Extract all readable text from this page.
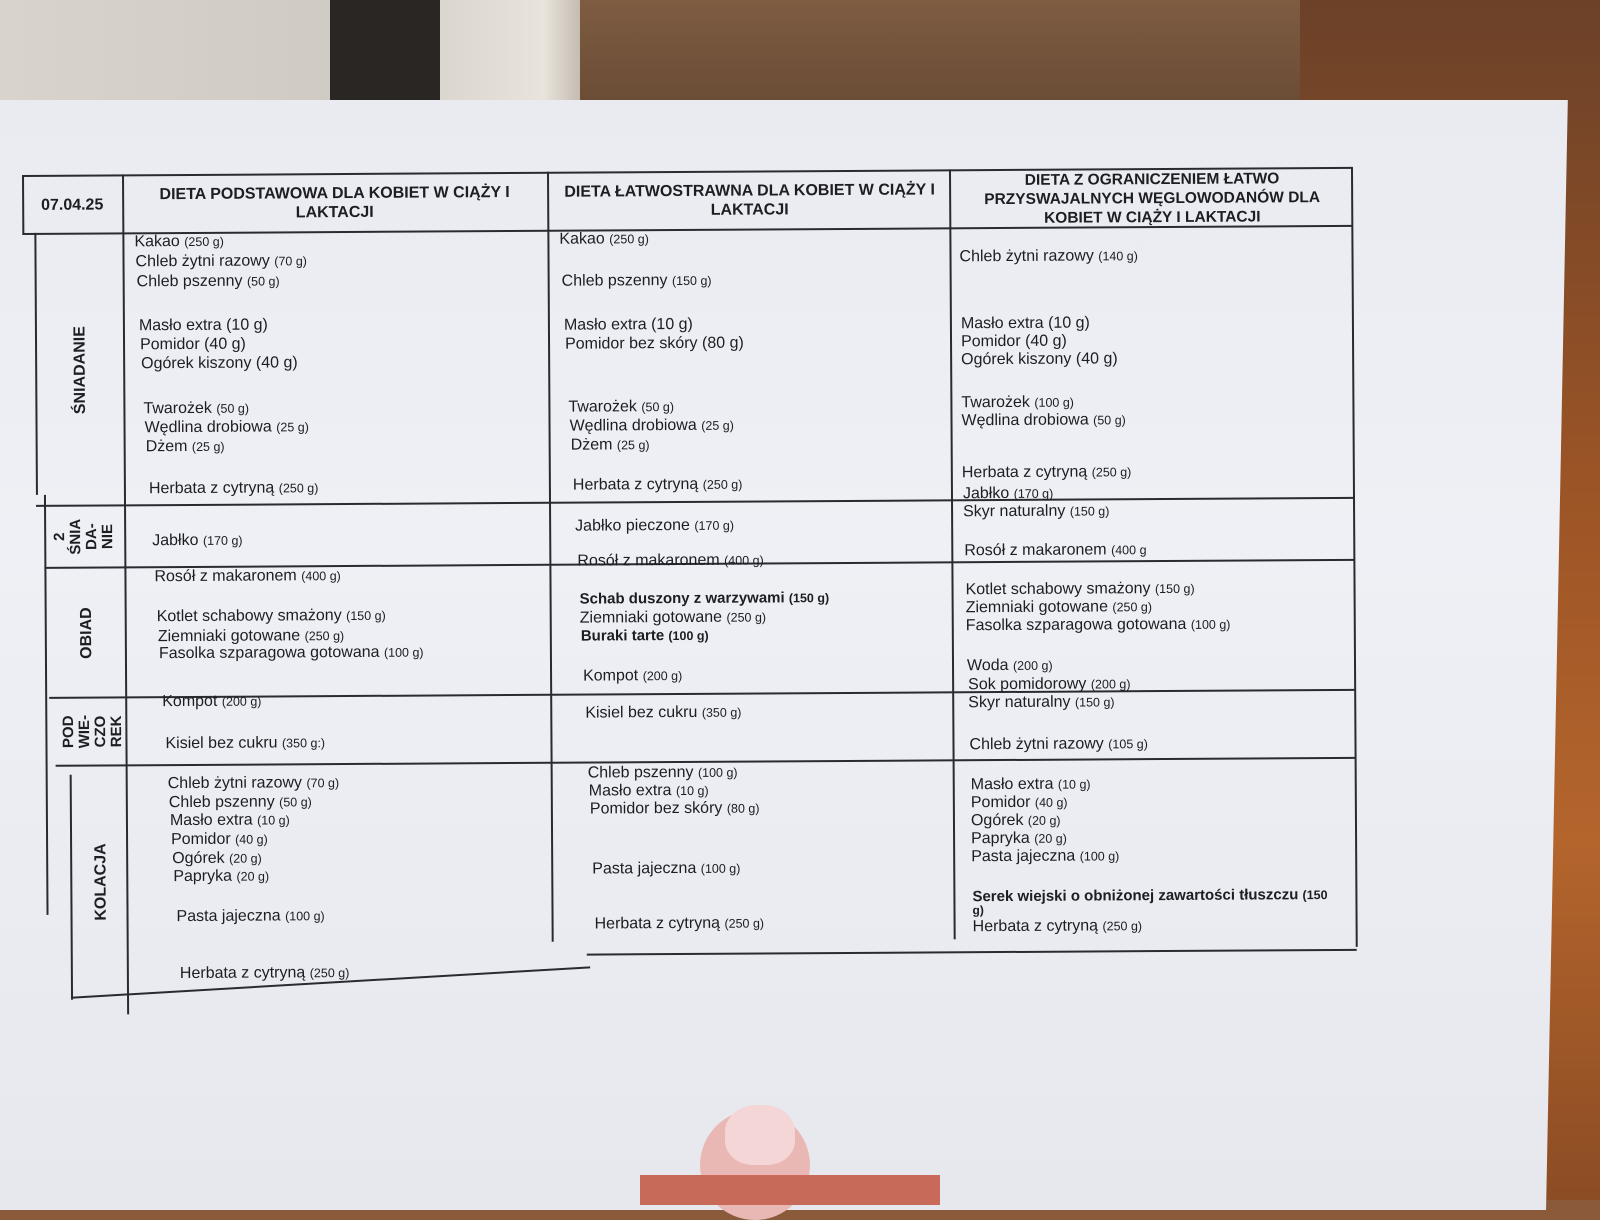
07.04.25
DIETA PODSTAWOWA DLA KOBIET W CIĄŻY I LAKTACJI
DIETA ŁATWOSTRAWNA DLA KOBIET W CIĄŻY I LAKTACJI
DIETA Z OGRANICZENIEM ŁATWO PRZYSWAJALNYCH WĘGLOWODANÓW DLA KOBIET W CIĄŻY I LAKTACJI
ŚNIADANIE
2
ŚNIA
DA-
NIE
OBIAD
POD
WIE-
CZO
REK
KOLACJA
Kakao (250 g)
Chleb żytni razowy (70 g)
Chleb pszenny (50 g)
Masło extra (10 g)
Pomidor (40 g)
Ogórek kiszony (40 g)
Twarożek (50 g)
Wędlina drobiowa (25 g)
Dżem (25 g)
Herbata z cytryną (250 g)
Jabłko (170 g)
Rosół z makaronem (400 g)
Kotlet schabowy smażony (150 g)
Ziemniaki gotowane (250 g)
Fasolka szparagowa gotowana (100 g)
Kompot (200 g)
Kisiel bez cukru (350 g:)
Chleb żytni razowy (70 g)
Chleb pszenny (50 g)
Masło extra (10 g)
Pomidor (40 g)
Ogórek (20 g)
Papryka (20 g)
Pasta jajeczna (100 g)
Herbata z cytryną (250 g)
Kakao (250 g)
Chleb pszenny (150 g)
Masło extra (10 g)
Pomidor bez skóry (80 g)
Twarożek (50 g)
Wędlina drobiowa (25 g)
Dżem (25 g)
Herbata z cytryną (250 g)
Jabłko pieczone (170 g)
Rosół z makaronem (400 g)
Schab duszony z warzywami (150 g)
Ziemniaki gotowane (250 g)
Buraki tarte (100 g)
Kompot (200 g)
Kisiel bez cukru (350 g)
Chleb pszenny (100 g)
Masło extra (10 g)
Pomidor bez skóry (80 g)
Pasta jajeczna (100 g)
Herbata z cytryną (250 g)
Chleb żytni razowy (140 g)
Masło extra (10 g)
Pomidor (40 g)
Ogórek kiszony (40 g)
Twarożek (100 g)
Wędlina drobiowa (50 g)
Herbata z cytryną (250 g)
Jabłko (170 g)
Skyr naturalny (150 g)
Rosół z makaronem (400 g
Kotlet schabowy smażony (150 g)
Ziemniaki gotowane (250 g)
Fasolka szparagowa gotowana (100 g)
Woda (200 g)
Sok pomidorowy (200 g)
Skyr naturalny (150 g)
Chleb żytni razowy (105 g)
Masło extra (10 g)
Pomidor (40 g)
Ogórek (20 g)
Papryka (20 g)
Pasta jajeczna (100 g)
Serek wiejski o obniżonej zawartości tłuszczu (150
g)
Herbata z cytryną (250 g)
